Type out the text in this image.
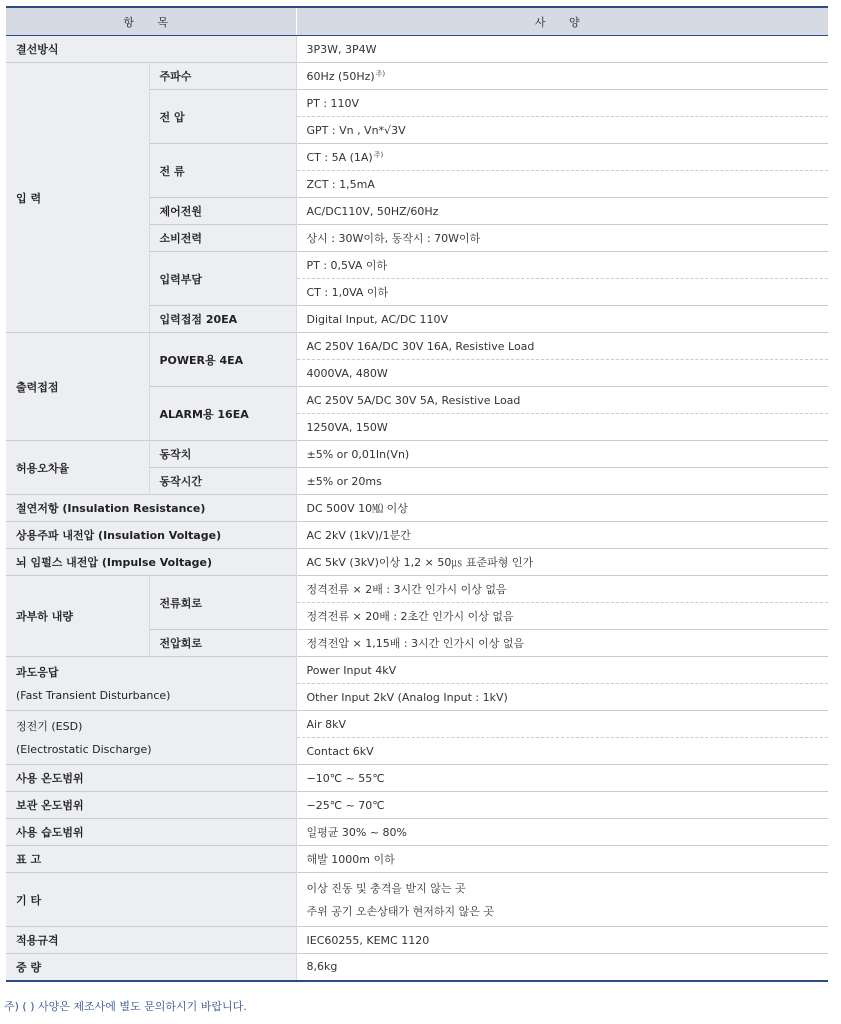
항 목		사 양
결선방식		3P3W, 3P4W
입 력	주파수	60Hz (50Hz)$^{주)}$
	전 압	PT : 110V
		GPT : Vn , Vn*√3V
	전 류	CT : 5A (1A)$^{주)}$
		ZCT : 1,5mA
	제어전원	AC/DC110V, 50HZ/60Hz
	소비전력	상시 : 30W이하, 동작시 : 70W이하
	입력부담	PT : 0,5VA 이하
		CT : 1,0VA 이하
	입력접점 20EA	Digital Input, AC/DC 110V
출력접점	POWER용 4EA	AC 250V 16A/DC 30V 16A, Resistive Load
		4000VA, 480W
	ALARM용 16EA	AC 250V 5A/DC 30V 5A, Resistive Load
		1250VA, 150W
허용오차율	동작치	±5% or 0,01In(Vn)
	동작시간	±5% or 20ms
절연저항 (Insulation Resistance)		DC 500V 10㏁ 이상
상용주파 내전압 (Insulation Voltage)		AC 2kV (1kV)/1분간
뇌 임펄스 내전압 (Impulse Voltage)		AC 5kV (3kV)이상 1,2 × 50㎲ 표준파형 인가
과부하 내량	전류회로	정격전류 × 2배 : 3시간 인가시 이상 없음
		정격전류 × 20배 : 2초간 인가시 이상 없음
	전압회로	정격전압 × 1,15배 : 3시간 인가시 이상 없음

과도응답
(Fast Transient Disturbance)		Power Input 4kV
		Other Input 2kV (Analog Input : 1kV)

정전기 (ESD)
(Electrostatic Discharge)		Air 8kV
		Contact 6kV
사용 온도범위		−10℃ ~ 55℃
보관 온도범위		−25℃ ~ 70℃
사용 습도범위		일평균 30% ~ 80%
표 고		해발 1000m 이하
기 타		이상 진동 및 충격을 받지 않는 곳
주위 공기 오손상태가 현저하지 않은 곳

적용규격		IEC60255, KEMC 1120
중 량		8,6kg
주) ( ) 사양은 제조사에 별도 문의하시기 바랍니다.
